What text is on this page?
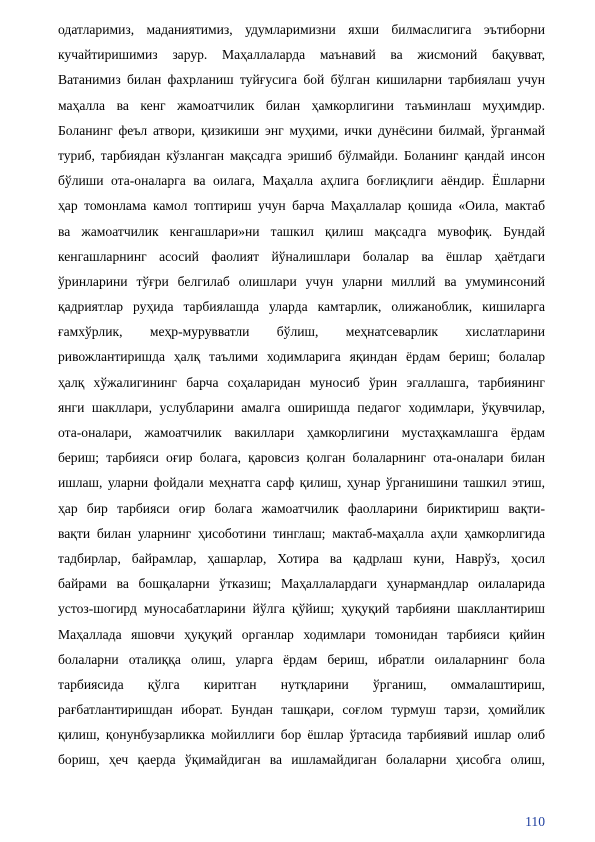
одатларимиз, маданиятимиз, удумларимизни яхши билмаслигига эътиборни
кучайтиришимиз зарур. Маҳаллаларда маънавий ва жисмоний бақувват,
Ватанимиз билан фахрланиш туйғусига бой бўлган кишиларни тарбиялаш учун
маҳалла ва кенг жамоатчилик билан ҳамкорлигини таъминлаш муҳимдир.
Боланинг феъл атвори, қизикиши энг муҳими, ички дунёсини билмай, ўрганмай
туриб, тарбиядан кўзланган мақсадга эришиб бўлмайди. Боланинг қандай инсон
бўлиши ота-оналарга ва оилага, Маҳалла аҳлига боғлиқлиги аёндир. Ёшларни
ҳар томонлама камол топтириш учун барча Маҳаллалар қошида «Оила, мактаб
ва жамоатчилик кенгашлари»ни ташкил қилиш мақсадга мувофиқ. Бундай
кенгашларнинг асосий фаолият йўналишлари болалар ва ёшлар ҳаётдаги
ўринларини тўғри белгилаб олишлари учун уларни миллий ва умуминсоний
қадриятлар руҳида тарбиялашда уларда камтарлик, олижаноблик, кишиларга
ғамхўрлик, меҳр-мурувватли бўлиш, меҳнатсеварлик хислатларини
ривожлантиришда ҳалқ таълими ходимларига яқиндан ёрдам бериш; болалар
ҳалқ хўжалигининг барча соҳаларидан муносиб ўрин эгаллашга, тарбиянинг
янги шакллари, услубларини амалга оширишда педагог ходимлари, ўқувчилар,
ота-оналари, жамоатчилик вакиллари ҳамкорлигини мустаҳкамлашга ёрдам
бериш; тарбияси оғир болага, қаровсиз қолган болаларнинг ота-оналари билан
ишлаш, уларни фойдали меҳнатга сарф қилиш, ҳунар ўрганишини ташкил этиш,
ҳар бир тарбияси оғир болага жамоатчилик фаолларини бириктириш вақти-
вақти билан уларнинг ҳисоботини тинглаш; мактаб-маҳалла аҳли ҳамкорлигида
тадбирлар, байрамлар, ҳашарлар, Хотира ва қадрлаш куни, Наврўз, ҳосил
байрами ва бошқаларни ўтказиш; Маҳаллалардаги ҳунармандлар оилаларида
устоз-шогирд муносабатларини йўлга қўйиш; ҳуқуқий тарбияни шакллантириш
Маҳаллада яшовчи ҳуқуқий органлар ходимлари томонидан тарбияси қийин
болаларни оталиққа олиш, уларга ёрдам бериш, ибратли оилаларнинг бола
тарбиясида қўлга киритган нутқларини ўрганиш, оммалаштириш,
рағбатлантиришдан иборат. Бундан ташқари, соғлом турмуш тарзи, ҳомийлик
қилиш, қонунбузарликка мойиллиги бор ёшлар ўртасида тарбиявий ишлар олиб
бориш, ҳеч қаерда ўқимайдиган ва ишламайдиган болаларни ҳисобга олиш,
110
